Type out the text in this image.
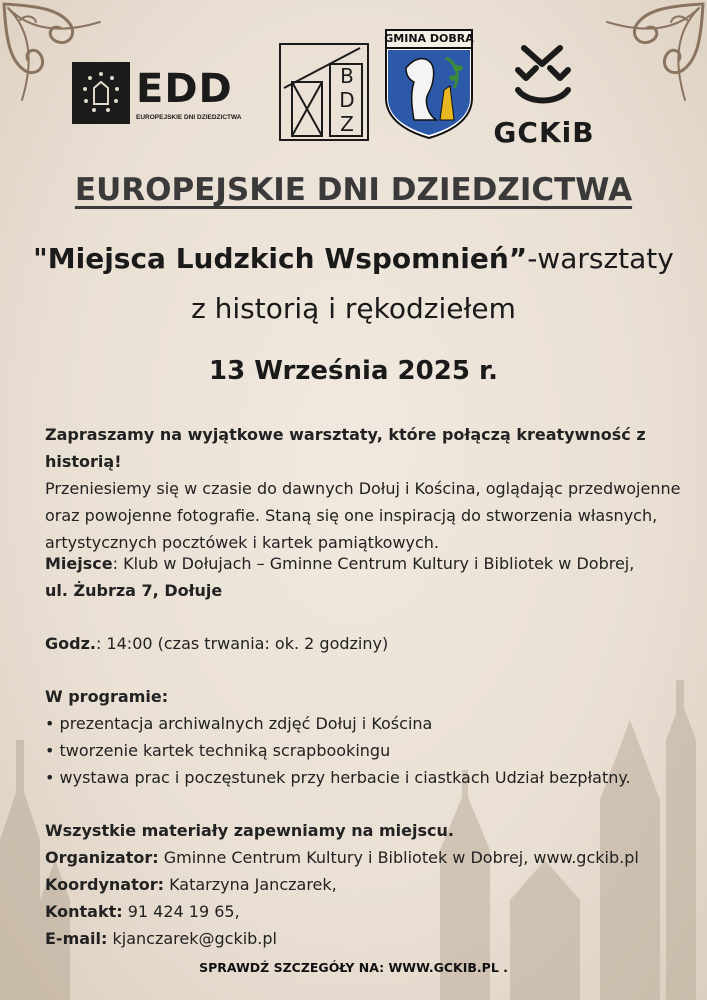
EDD
EUROPEJSKIE DNI DZIEDZICTWA
B
D
Z
GMINA DOBRA
GCKiB
EUROPEJSKIE DNI DZIEDZICTWA
"Miejsca Ludzkich Wspomnień”-warsztaty
z historią i rękodziełem
13 Września 2025 r.
Zapraszamy na wyjątkowe warsztaty, które połączą kreatywność z historią!
Przeniesiemy się w czasie do dawnych Dołuj i Kościna, oglądając przedwojenne oraz powojenne fotografie. Staną się one inspiracją do stworzenia własnych, artystycznych pocztówek i kartek pamiątkowych.
Miejsce: Klub w Dołujach – Gminne Centrum Kultury i Bibliotek w Dobrej,
ul. Żubrza 7, Dołuje
Godz.: 14:00 (czas trwania: ok. 2 godziny)
W programie:
• prezentacja archiwalnych zdjęć Dołuj i Kościna
• tworzenie kartek techniką scrapbookingu
• wystawa prac i poczęstunek przy herbacie i ciastkach Udział bezpłatny.
Wszystkie materiały zapewniamy na miejscu.
Organizator: Gminne Centrum Kultury i Bibliotek w Dobrej, www.gckib.pl
Koordynator: Katarzyna Janczarek,
Kontakt: 91 424 19 65,
E-mail: kjanczarek@gckib.pl
SPRAWDŹ SZCZEGÓŁY NA: WWW.GCKIB.PL .
